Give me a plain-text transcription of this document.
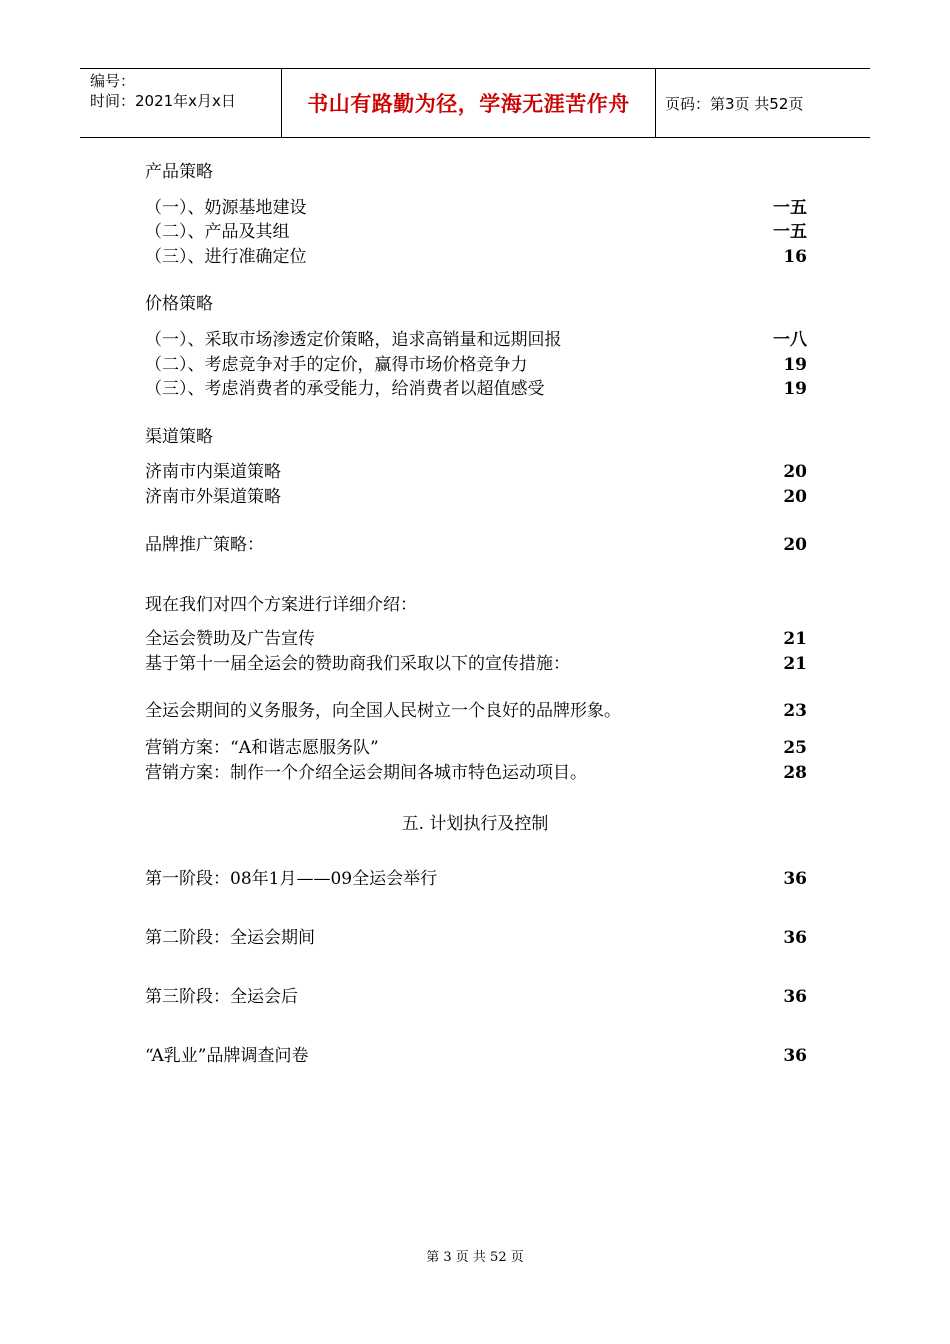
编号：
时间：2021年x月x日	书山有路勤为径，学海无涯苦作舟 页码：第3页 共52页
产品策略
（一）、奶源基地建设	一五
（二）、产品及其组	一五
（三）、进行准确定位	16
价格策略
（一）、采取市场渗透定价策略，追求高销量和远期回报	一八
（二）、考虑竞争对手的定价，赢得市场价格竞争力	19
（三）、考虑消费者的承受能力，给消费者以超值感受	19
渠道策略
济南市内渠道策略	20
济南市外渠道策略	20
品牌推广策略：	20
现在我们对四个方案进行详细介绍：
全运会赞助及广告宣传	21
基于第十一届全运会的赞助商我们采取以下的宣传措施：	21
全运会期间的义务服务，向全国人民树立一个良好的品牌形象。	23
营销方案：“A和谐志愿服务队”	25
营销方案：制作一个介绍全运会期间各城市特色运动项目。	28
五. 计划执行及控制
第一阶段：08年1月——09全运会举行	36
第二阶段：全运会期间	36
第三阶段：全运会后	36
“A乳业”品牌调查问卷	36
第 3 页 共 52 页
